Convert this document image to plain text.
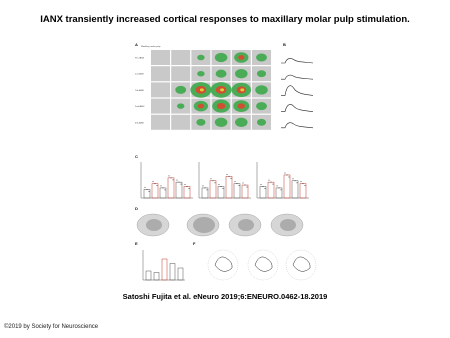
IANX transiently increased cortical responses to maxillary molar pulp stimulation.
A	B
C
D
E	F
Maxillary molar pulp
Pre-IANX
1st-IANX
7th-IANX
2nd-IANX
4th-IANX
Satoshi Fujita et al. eNeuro 2019;6:ENEURO.0462-18.2019
©2019 by Society for Neuroscience
